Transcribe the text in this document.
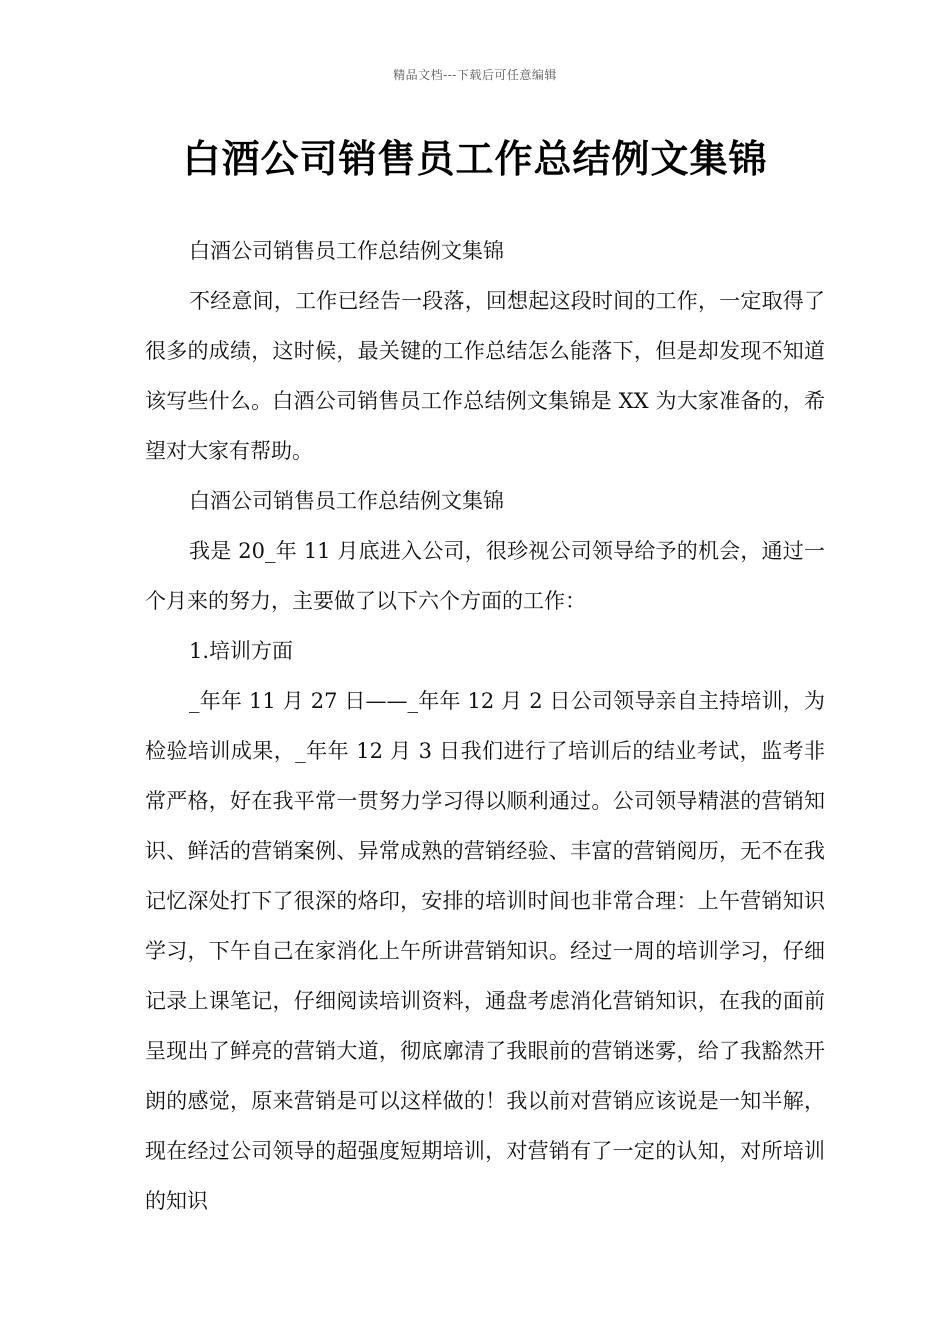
精品文档---下载后可任意编辑
白酒公司销售员工作总结例文集锦

白酒公司销售员工作总结例文集锦

不经意间，工作已经告一段落，回想起这段时间的工作，一定取得了很多的成绩，这时候，最关键的工作总结怎么能落下，但是却发现不知道该写些什么。白酒公司销售员工作总结例文集锦是 XX 为大家准备的，希望对大家有帮助。

白酒公司销售员工作总结例文集锦

我是 20_年 11 月底进入公司，很珍视公司领导给予的机会，通过一个月来的努力，主要做了以下六个方面的工作：

1.培训方面

_年年 11 月 27 日——_年年 12 月 2 日公司领导亲自主持培训，为检验培训成果，_年年 12 月 3 日我们进行了培训后的结业考试，监考非常严格，好在我平常一贯努力学习得以顺利通过。公司领导精湛的营销知识、鲜活的营销案例、异常成熟的营销经验、丰富的营销阅历，无不在我记忆深处打下了很深的烙印，安排的培训时间也非常合理：上午营销知识学习，下午自己在家消化上午所讲营销知识。经过一周的培训学习，仔细记录上课笔记，仔细阅读培训资料，通盘考虑消化营销知识，在我的面前呈现出了鲜亮的营销大道，彻底廓清了我眼前的营销迷雾，给了我豁然开朗的感觉，原来营销是可以这样做的！我以前对营销应该说是一知半解，现在经过公司领导的超强度短期培训，对营销有了一定的认知，对所培训的知识
